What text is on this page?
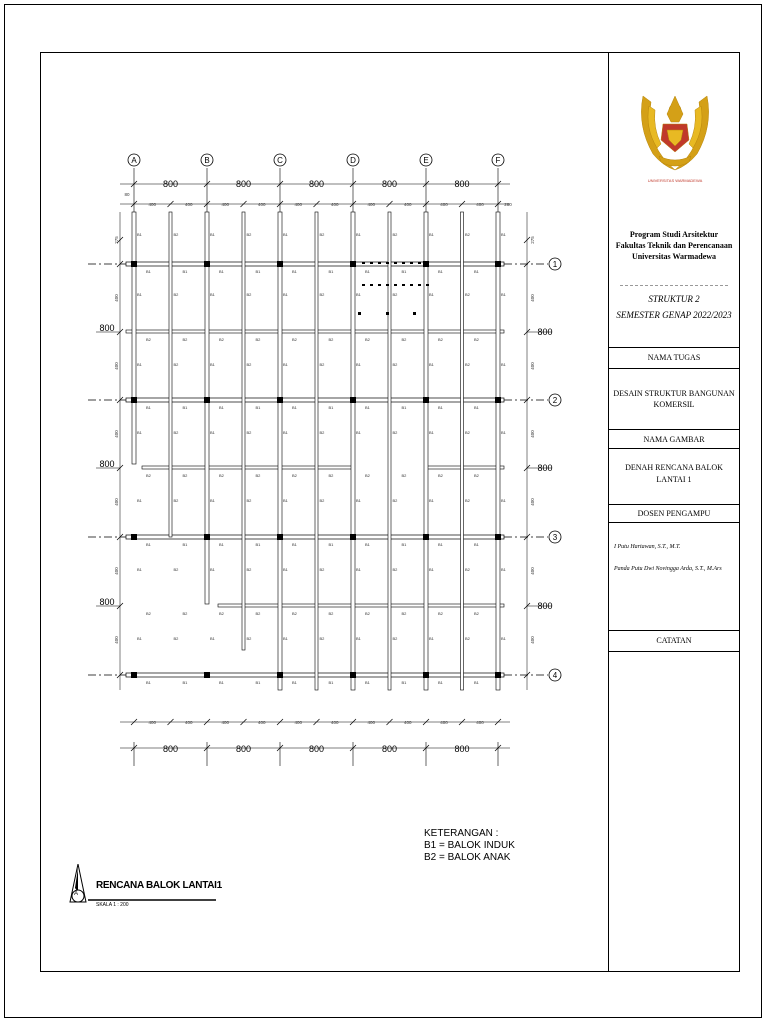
UNIVERSITAS WARMADEWA
Program Studi Arsitektur
Fakultas Teknik dan Perencanaan
Universitas Warmadewa
STRUKTUR 2
SEMESTER GENAP 2022/2023
NAMA TUGAS
DESAIN STRUKTUR BANGUNAN
KOMERSIL
NAMA GAMBAR
DENAH RENCANA BALOK
LANTAI 1
DOSEN PENGAMPU
I Putu Hartawan, S.T., M.T.
Panda Putu Dwi Novingga Arda, S.T., M.Ars
CATATAN
KETERANGAN :
B1 = BALOK INDUK
B2 = BALOK ANAK
A
RENCANA BALOK LANTAI1
SKALA 1 : 200
A	B	C	D	E	F
1
2
3
4
800	800	800	800	800
400	400	400	400	400	400	400	400	400	400
80
280
400	400	400	400	400	400	400	400	400	400
800	800	800	800	800
275	275
400	400
400	400
400	400
400	400
400	400
400	400
800	800
800	800
800	800
B1	B1	B1	B1	B1	B1	B1	B1	B1	B1
B1	B1	B1	B1	B1	B1	B1	B1	B1	B1
B1	B1	B1	B1	B1	B1	B1	B1	B1	B1
B1	B1	B1	B1	B1	B1	B1	B1	B1	B1
B2	B2	B2	B2	B2	B2	B2	B2	B2	B2
B2	B2	B2	B2	B2	B2	B2	B2	B2	B2
B2	B2	B2	B2	B2	B2	B2	B2	B2	B2
B1
B1
B1
B1
B1
B1
B1
B2
B2
B2
B2
B2
B2
B2
B1
B1
B1
B1
B1
B1
B1
B2
B2
B2
B2
B2
B2
B2
B1
B1
B1
B1
B1
B1
B1
B2
B2
B2
B2
B2
B2
B2
B1
B1
B1
B1
B1
B1
B1
B2
B2
B2
B2
B2
B2
B2
B1
B1
B1
B1
B1
B1
B1
B2
B2
B2
B2
B2
B2
B2
B1
B1
B1
B1
B1
B1
B1
